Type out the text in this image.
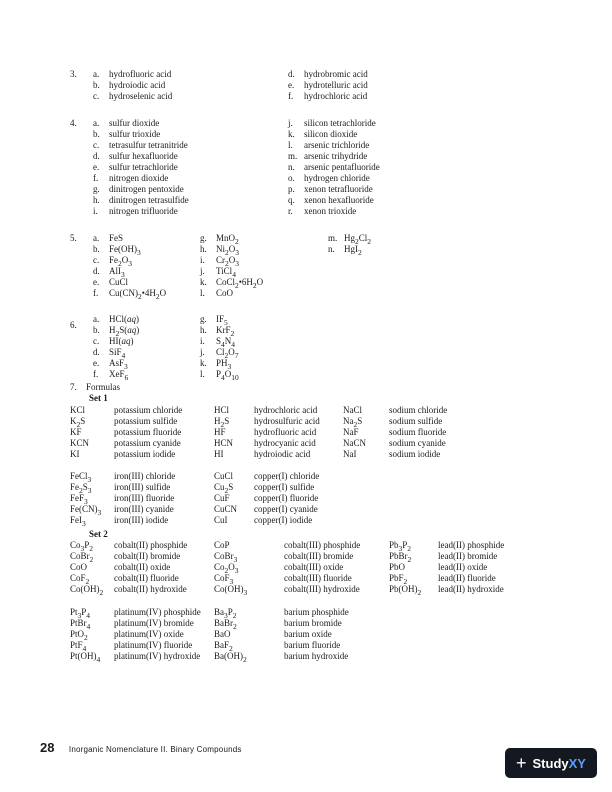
3. a.	hydrofluoric acid
b.	hydroiodic acid
c.	hydroselenic acid
d.	hydrobromic acid
e.	hydrotelluric acid
f.	hydrochloric acid
4. a.	sulfur dioxide
b.	sulfur trioxide
c.	tetrasulfur tetranitride
d.	sulfur hexafluoride
e.	sulfur tetrachloride
f.	nitrogen dioxide
g.	dinitrogen pentoxide
h.	dinitrogen tetrasulfide
i.	nitrogen trifluoride
j.	silicon tetrachloride
k.	silicon dioxide
l.	arsenic trichloride
m. arsenic trihydride
n.	arsenic pentafluoride
o.	hydrogen chloride
p.	xenon tetrafluoride
q.	xenon hexafluoride
r.	xenon trioxide
5. a.	FeS
b.	$Fe(OH)_3$
c.	$Fe_2O_3$
d.	AlI$_3$
e.	CuCl
f.	$Cu(CN)_2•4H_2O$
g.	MnO$_2$
h.	$Ni_2O_3$
i.	$Cr_2O_3$
j.	TiCl$_4$
k.	$CoCl_2•6H_2O$
l.	CoO
m. $Hg_2Cl_2$
n.	HgI$_2$
6.
a.	HCl(aq)
b.	$H_2S(aq)$
c.	HI(aq)
d.	SiF$_4$
e.	AsF$_3$
f.	XeF$_6$
g.	$IF_5$
h.	KrF$_2$
i.	$S_4N_4$
j.	$Cl_2O_7$
k.	$PH_3$
l.	$P_4O_{10}$
7. Formulas
Set 1
KCl	potassium chloride	HCl	hydrochloric acid	NaCl	sodium chloride
$K_2S$	potassium sulfide	$H_2S$	hydrosulfuric acid	$Na_2S$	sodium sulfide
KF	potassium fluoride	HF	hydrofluoric acid	NaF	sodium fluoride
KCN	potassium cyanide	HCN hydrocyanic acid	NaCN	sodium cyanide
KI	potassium iodide	HI	hydroiodic acid	NaI	sodium iodide
FeCl$_3$	iron(III) chloride	CuCl copper(I) chloride
$Fe_2S_3$ iron(III) sulfide	$Cu_2S$ copper(I) sulfide
FeF$_3$	iron(III) fluoride	CuF	copper(I) fluoride
$Fe(CN)_3$ iron(III) cyanide	CuCN copper(I) cyanide
FeI$_3$	iron(III) iodide	CuI	copper(I) iodide
Set 2
$Co_3P_2$ cobalt(II) phosphide	CoP	cobalt(III) phosphide	$Pb_3P_2$	lead(II) phosphide
CoBr$_2$ cobalt(II) bromide	CoBr$_3$	cobalt(III) bromide	PbBr$_2$	lead(II) bromide
CoO	cobalt(II) oxide	$Co_2O_3$	cobalt(III) oxide	PbO	lead(II) oxide
CoF$_2$	cobalt(II) fluoride	CoF$_3$	cobalt(III) fluoride	PbF$_2$	lead(II) fluoride
$Co(OH)_2$ cobalt(II) hydroxide	$Co(OH)_3$	cobalt(III) hydroxide	$Pb(OH)_2$ lead(II) hydroxide
$Pt_3P_4$	platinum(IV) phosphide $Ba_3P_2$	barium phosphide
PtBr$_4$	platinum(IV) bromide BaBr$_2$	barium bromide
PtO$_2$	platinum(IV) oxide	BaO	barium oxide
PtF$_4$	platinum(IV) fluoride BaF$_2$	barium fluoride
$Pt(OH)_4$ platinum(IV) hydroxide $Ba(OH)_2$	barium hydroxide
28 Inorganic Nomenclature II. Binary Compounds
+ Study XY
